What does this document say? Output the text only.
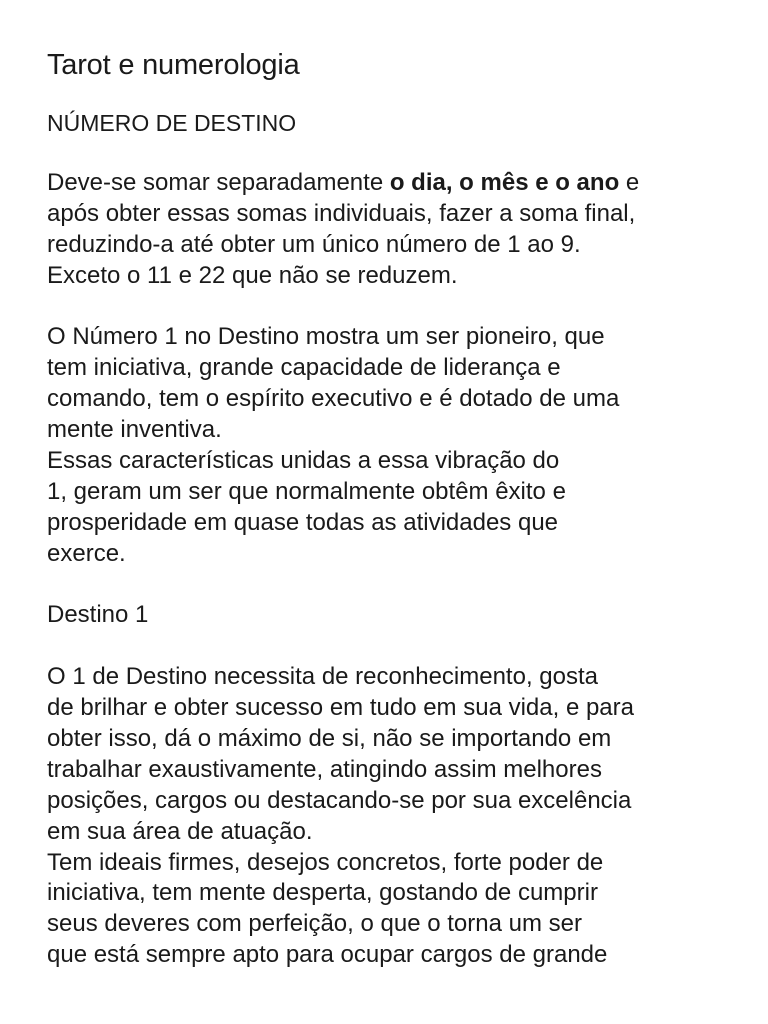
Tarot e numerologia
NÚMERO DE DESTINO
Deve-se somar separadamente o dia, o mês e o ano e
após obter essas somas individuais, fazer a soma final,
reduzindo-a até obter um único número de 1 ao 9.
Exceto o 11 e 22 que não se reduzem.
O Número 1 no Destino mostra um ser pioneiro, que
tem iniciativa, grande capacidade de liderança e
comando, tem o espírito executivo e é dotado de uma
mente inventiva.
Essas características unidas a essa vibração do
1, geram um ser que normalmente obtêm êxito e
prosperidade em quase todas as atividades que
exerce.
Destino 1
O 1 de Destino necessita de reconhecimento, gosta
de brilhar e obter sucesso em tudo em sua vida, e para
obter isso, dá o máximo de si, não se importando em
trabalhar exaustivamente, atingindo assim melhores
posições, cargos ou destacando-se por sua excelência
em sua área de atuação.
Tem ideais firmes, desejos concretos, forte poder de
iniciativa, tem mente desperta, gostando de cumprir
seus deveres com perfeição, o que o torna um ser
que está sempre apto para ocupar cargos de grande
